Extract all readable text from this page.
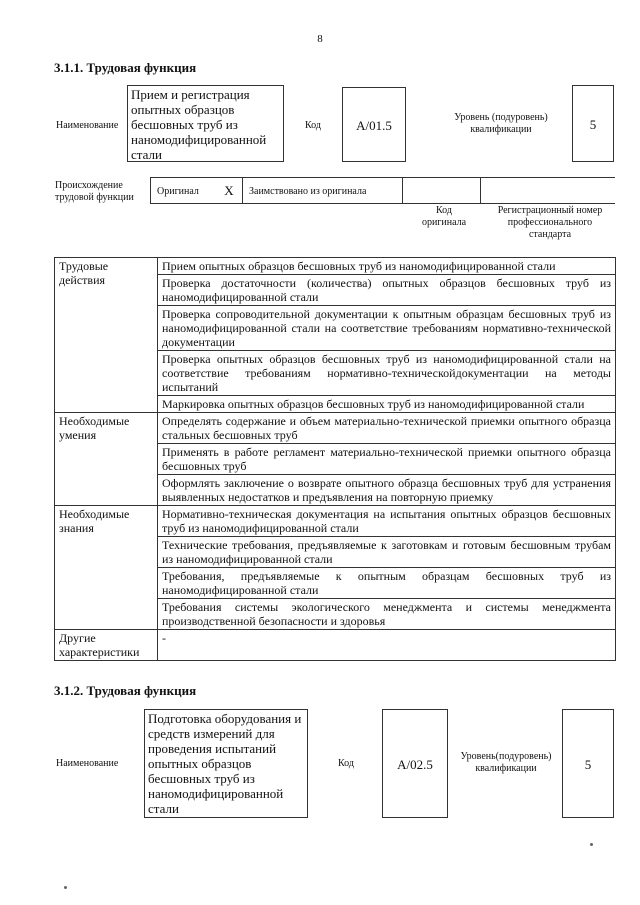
8
3.1.1. Трудовая функция
Наименование
Прием и регистрация
опытных образцов
бесшовных труб из
наномодифицированной
стали
Код	А/01.5
Уровень (подуровень)
квалификации	5
Происхождение
трудовой функции
Оригинал	X	Заимствовано из оригинала
Код
оригинала
Регистрационный номер
профессионального
стандарта
Трудовые действия	Прием опытных образцов бесшовных труб из наномодифицированной стали
	Проверка достаточности (количества) опытных образцов бесшовных труб из наномодифицированной стали
	Проверка сопроводительной документации к опытным образцам бесшовных труб из наномодифицированной стали на соответствие требованиям нормативно-технической документации
	Проверка опытных образцов бесшовных труб из наномодифицированной стали на соответствие требованиям нормативно-техническойдокументации на методы испытаний
	Маркировка опытных образцов бесшовных труб из наномодифицированной стали
Необходимые умения	Определять содержание и объем материально-технической приемки опытного образца стальных бесшовных труб
	Применять в работе регламент материально-технической приемки опытного образца бесшовных труб
	Оформлять заключение о возврате опытного образца бесшовных труб для устранения выявленных недостатков и предъявления на повторную приемку
Необходимые знания	Нормативно-техническая документация на испытания опытных образцов бесшовных труб из наномодифицированной стали
	Технические требования, предъявляемые к заготовкам и готовым бесшовным трубам из наномодифицированной стали
	Требования, предъявляемые к опытным образцам бесшовных труб из наномодифицированной стали
	Требования системы экологического менеджмента и системы менеджмента производственной безопасности и здоровья
Другие характеристики	-
3.1.2. Трудовая функция
Наименование
Подготовка оборудования и
средств измерений для
проведения испытаний
опытных образцов
бесшовных труб из
наномодифицированной
стали
Код	А/02.5
Уровень(подуровень)
квалификации	5
